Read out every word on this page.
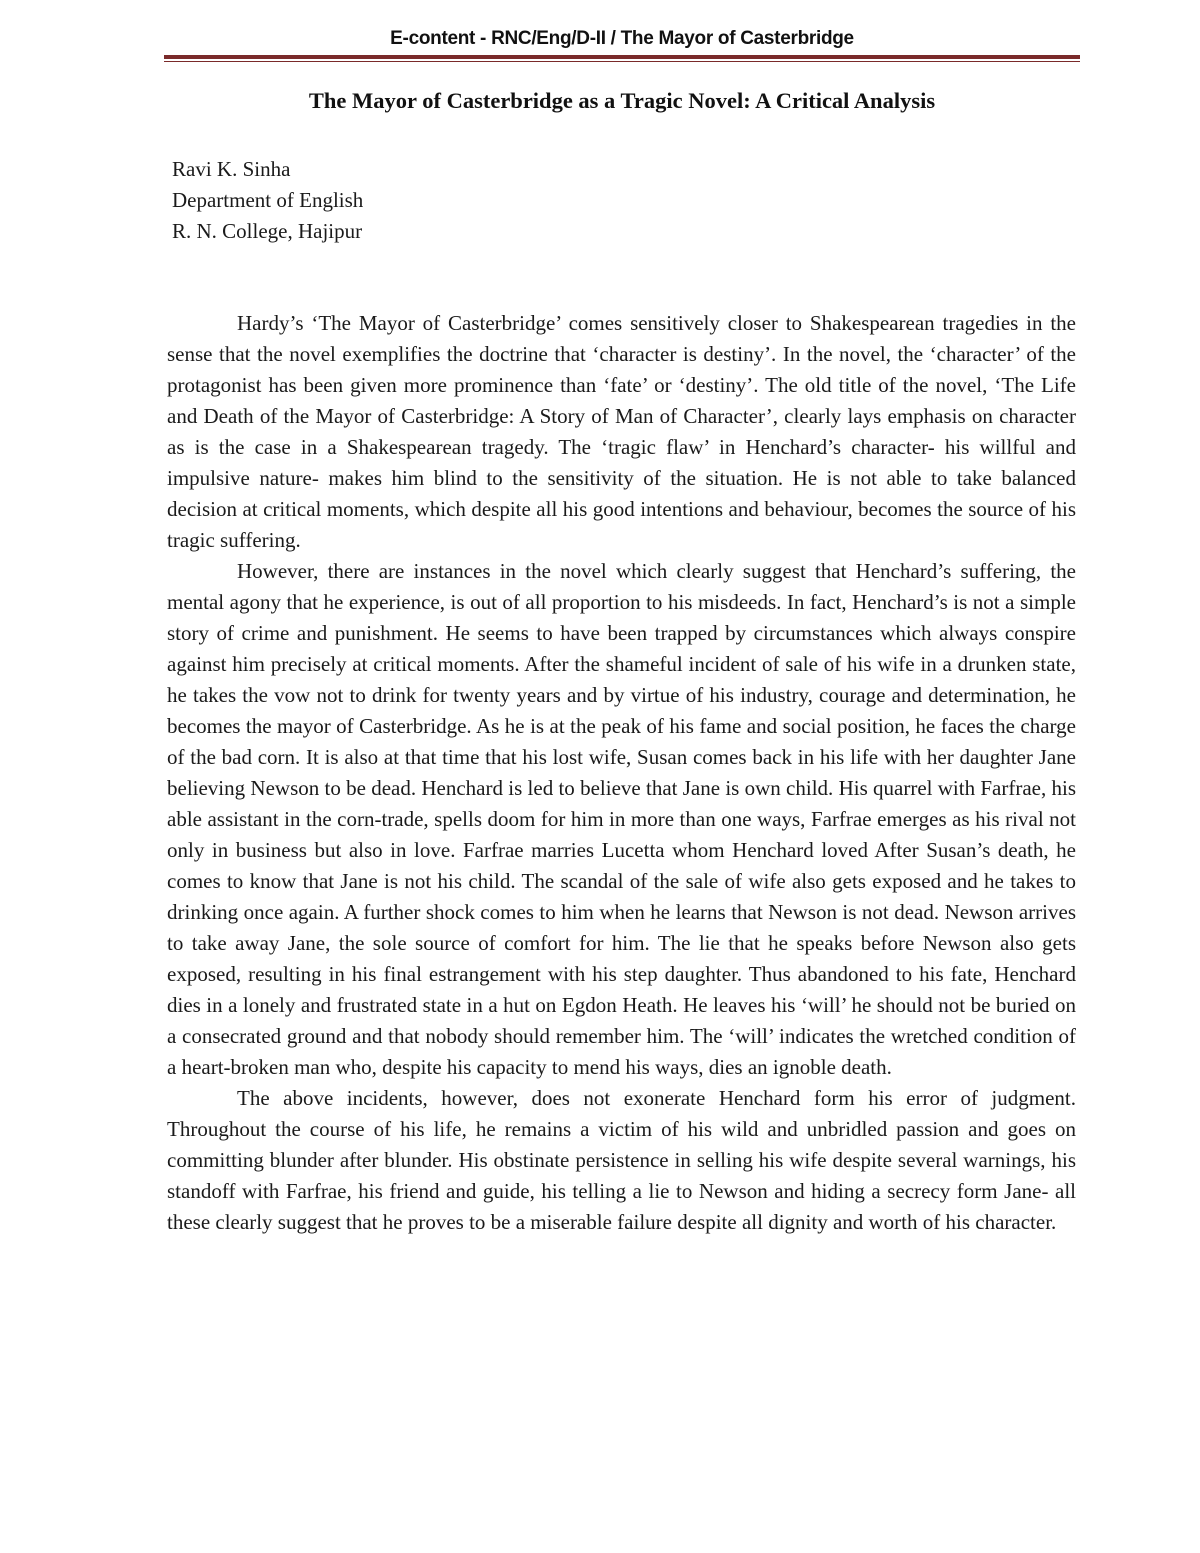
E-content - RNC/Eng/D-II / The Mayor of Casterbridge
The Mayor of Casterbridge as a Tragic Novel: A Critical Analysis
Ravi K. Sinha
Department of English
R. N. College, Hajipur

Hardy’s ‘The Mayor of Casterbridge’ comes sensitively closer to Shakespearean tragedies in the sense that the novel exemplifies the doctrine that ‘character is destiny’. In the novel, the ‘character’ of the protagonist has been given more prominence than ‘fate’ or ‘destiny’. The old title of the novel, ‘The Life and Death of the Mayor of Casterbridge: A Story of Man of Character’, clearly lays emphasis on character as is the case in a Shakespearean tragedy. The ‘tragic flaw’ in Henchard’s character- his willful and impulsive nature- makes him blind to the sensitivity of the situation. He is not able to take balanced decision at critical moments, which despite all his good intentions and behaviour, becomes the source of his tragic suffering.

However, there are instances in the novel which clearly suggest that Henchard’s suffering, the mental agony that he experience, is out of all proportion to his misdeeds. In fact, Henchard’s is not a simple story of crime and punishment. He seems to have been trapped by circumstances which always conspire against him precisely at critical moments. After the shameful incident of sale of his wife in a drunken state, he takes the vow not to drink for twenty years and by virtue of his industry, courage and determination, he becomes the mayor of Casterbridge. As he is at the peak of his fame and social position, he faces the charge of the bad corn. It is also at that time that his lost wife, Susan comes back in his life with her daughter Jane believing Newson to be dead. Henchard is led to believe that Jane is own child. His quarrel with Farfrae, his able assistant in the corn-trade, spells doom for him in more than one ways, Farfrae emerges as his rival not only in business but also in love. Farfrae marries Lucetta whom Henchard loved After Susan’s death, he comes to know that Jane is not his child. The scandal of the sale of wife also gets exposed and he takes to drinking once again. A further shock comes to him when he learns that Newson is not dead. Newson arrives to take away Jane, the sole source of comfort for him. The lie that he speaks before Newson also gets exposed, resulting in his final estrangement with his step daughter. Thus abandoned to his fate, Henchard dies in a lonely and frustrated state in a hut on Egdon Heath. He leaves his ‘will’ he should not be buried on a consecrated ground and that nobody should remember him. The ‘will’ indicates the wretched condition of a heart-broken man who, despite his capacity to mend his ways, dies an ignoble death.

The above incidents, however, does not exonerate Henchard form his error of judgment. Throughout the course of his life, he remains a victim of his wild and unbridled passion and goes on committing blunder after blunder. His obstinate persistence in selling his wife despite several warnings, his standoff with Farfrae, his friend and guide, his telling a lie to Newson and hiding a secrecy form Jane- all these clearly suggest that he proves to be a miserable failure despite all dignity and worth of his character.
